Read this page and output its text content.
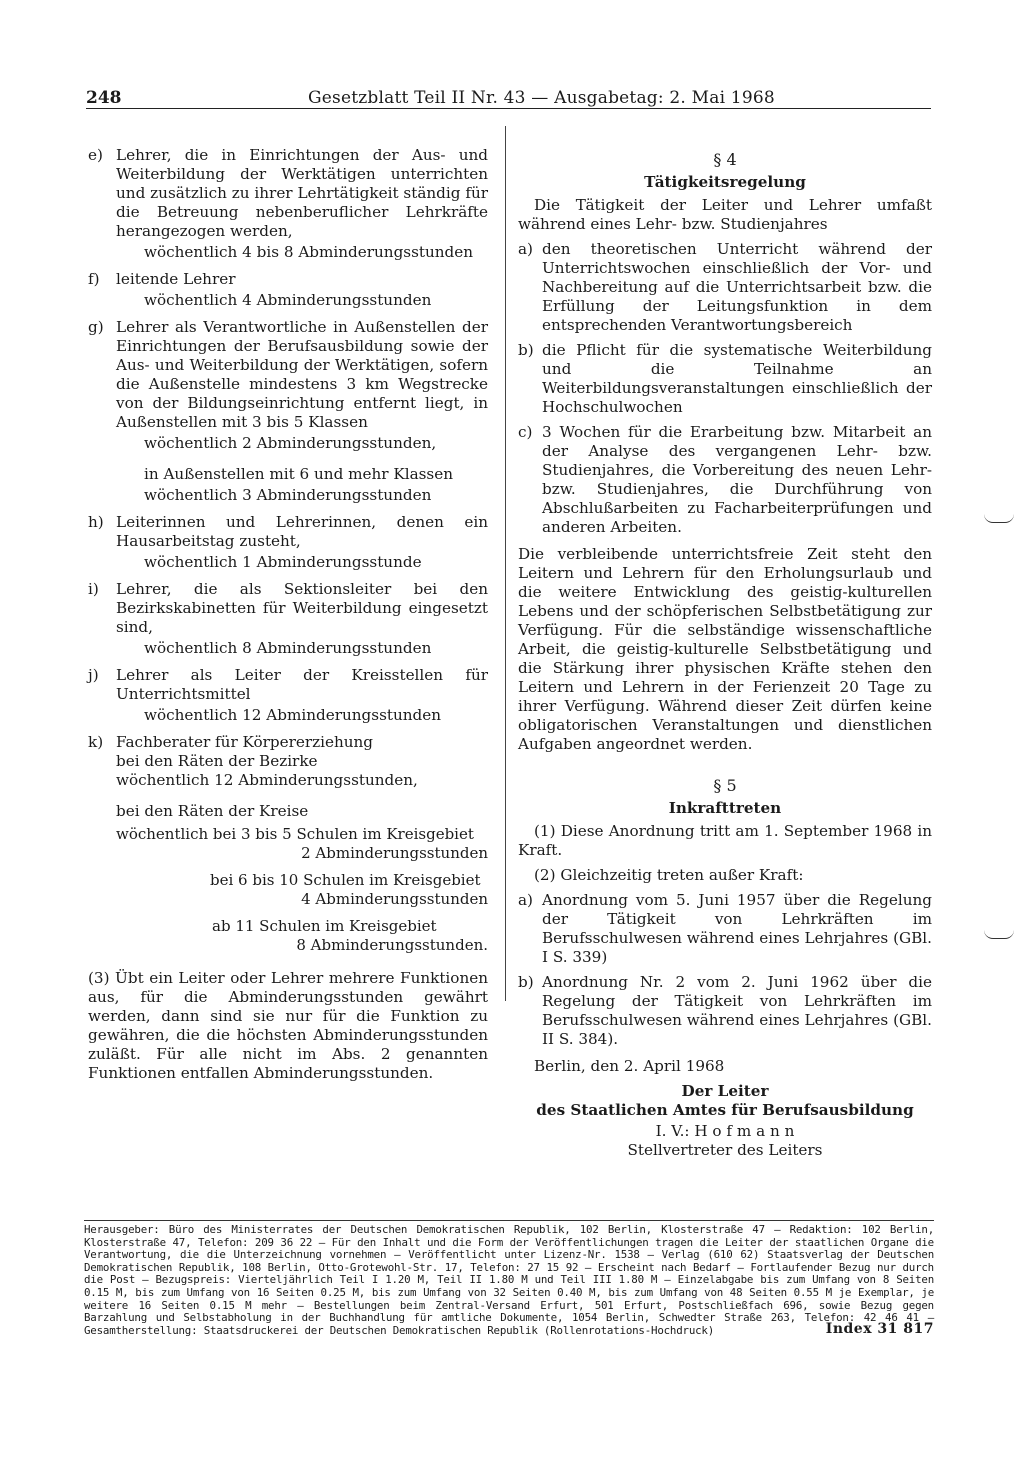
248	Gesetzblatt Teil II Nr. 43 — Ausgabetag: 2. Mai 1968
e) Lehrer, die in Einrichtungen der Aus- und Weiterbildung der Werktätigen unterrichten und zusätzlich zu ihrer Lehrtätigkeit ständig für die Betreuung nebenberuflicher Lehrkräfte herangezogen werden,
wöchentlich 4 bis 8 Abminderungsstunden
f) leitende Lehrer
wöchentlich 4 Abminderungsstunden
g) Lehrer als Verantwortliche in Außenstellen der Einrichtungen der Berufsausbildung sowie der Aus- und Weiterbildung der Werktätigen, sofern die Außenstelle mindestens 3 km Wegstrecke von der Bildungseinrichtung entfernt liegt, in Außenstellen mit 3 bis 5 Klassen
wöchentlich 2 Abminderungsstunden,
in Außenstellen mit 6 und mehr Klassen
wöchentlich 3 Abminderungsstunden
h) Leiterinnen und Lehrerinnen, denen ein Hausarbeitstag zusteht,
wöchentlich 1 Abminderungsstunde
i) Lehrer, die als Sektionsleiter bei den Bezirkskabinetten für Weiterbildung eingesetzt sind,
wöchentlich 8 Abminderungsstunden
j) Lehrer als Leiter der Kreisstellen für Unterrichtsmittel
wöchentlich 12 Abminderungsstunden
k) Fachberater für Körpererziehung
bei den Räten der Bezirke
wöchentlich 12 Abminderungsstunden,
bei den Räten der Kreise
wöchentlich bei 3 bis 5 Schulen im Kreisgebiet
2 Abminderungsstunden
bei 6 bis 10 Schulen im Kreisgebiet
4 Abminderungsstunden
ab 11 Schulen im Kreisgebiet
8 Abminderungsstunden.
(3) Übt ein Leiter oder Lehrer mehrere Funktionen aus, für die Abminderungsstunden gewährt werden, dann sind sie nur für die Funktion zu gewähren, die die höchsten Abminderungsstunden zuläßt. Für alle nicht im Abs. 2 genannten Funktionen entfallen Abminderungsstunden.
§ 4
Tätigkeitsregelung
Die Tätigkeit der Leiter und Lehrer umfaßt während eines Lehr- bzw. Studienjahres
a) den theoretischen Unterricht während der Unterrichtswochen einschließlich der Vor- und Nachbereitung auf die Unterrichtsarbeit bzw. die Erfüllung der Leitungsfunktion in dem entsprechenden Verantwortungsbereich
b) die Pflicht für die systematische Weiterbildung und die Teilnahme an Weiterbildungsveranstaltungen einschließlich der Hochschulwochen
c) 3 Wochen für die Erarbeitung bzw. Mitarbeit an der Analyse des vergangenen Lehr- bzw. Studienjahres, die Vorbereitung des neuen Lehr- bzw. Studienjahres, die Durchführung von Abschlußarbeiten zu Facharbeiterprüfungen und anderen Arbeiten.
Die verbleibende unterrichtsfreie Zeit steht den Leitern und Lehrern für den Erholungsurlaub und die weitere Entwicklung des geistig-kulturellen Lebens und der schöpferischen Selbstbetätigung zur Verfügung. Für die selbständige wissenschaftliche Arbeit, die geistig-kulturelle Selbstbetätigung und die Stärkung ihrer physischen Kräfte stehen den Leitern und Lehrern in der Ferienzeit 20 Tage zu ihrer Verfügung. Während dieser Zeit dürfen keine obligatorischen Veranstaltungen und dienstlichen Aufgaben angeordnet werden.
§ 5
Inkrafttreten
(1) Diese Anordnung tritt am 1. September 1968 in Kraft.
(2) Gleichzeitig treten außer Kraft:
a) Anordnung vom 5. Juni 1957 über die Regelung der Tätigkeit von Lehrkräften im Berufsschulwesen während eines Lehrjahres (GBl. I S. 339)
b) Anordnung Nr. 2 vom 2. Juni 1962 über die Regelung der Tätigkeit von Lehrkräften im Berufsschulwesen während eines Lehrjahres (GBl. II S. 384).
Berlin, den 2. April 1968
Der Leiter
des Staatlichen Amtes für Berufsausbildung
I. V.: H o f m a n n
Stellvertreter des Leiters
Herausgeber: Büro des Ministerrates der Deutschen Demokratischen Republik, 102 Berlin, Klosterstraße 47 – Redaktion: 102 Berlin, Klosterstraße 47, Telefon: 209 36 22 – Für den Inhalt und die Form der Veröffentlichungen tragen die Leiter der staatlichen Organe die Verantwortung, die die Unterzeichnung vornehmen – Veröffentlicht unter Lizenz-Nr. 1538 – Verlag (610 62) Staatsverlag der Deutschen Demokratischen Republik, 108 Berlin, Otto-Grotewohl-Str. 17, Telefon: 27 15 92 – Erscheint nach Bedarf – Fortlaufender Bezug nur durch die Post – Bezugspreis: Vierteljährlich Teil I 1.20 M, Teil II 1.80 M und Teil III 1.80 M – Einzelabgabe bis zum Umfang von 8 Seiten 0.15 M, bis zum Umfang von 16 Seiten 0.25 M, bis zum Umfang von 32 Seiten 0.40 M, bis zum Umfang von 48 Seiten 0.55 M je Exemplar, je weitere 16 Seiten 0.15 M mehr – Bestellungen beim Zentral-Versand Erfurt, 501 Erfurt, Postschließfach 696, sowie Bezug gegen Barzahlung und Selbstabholung in der Buchhandlung für amtliche Dokumente, 1054 Berlin, Schwedter Straße 263, Telefon: 42 46 41 – Gesamtherstellung: Staatsdruckerei der Deutschen Demokratischen Republik (Rollenrotations-Hochdruck)	Index 31 817
